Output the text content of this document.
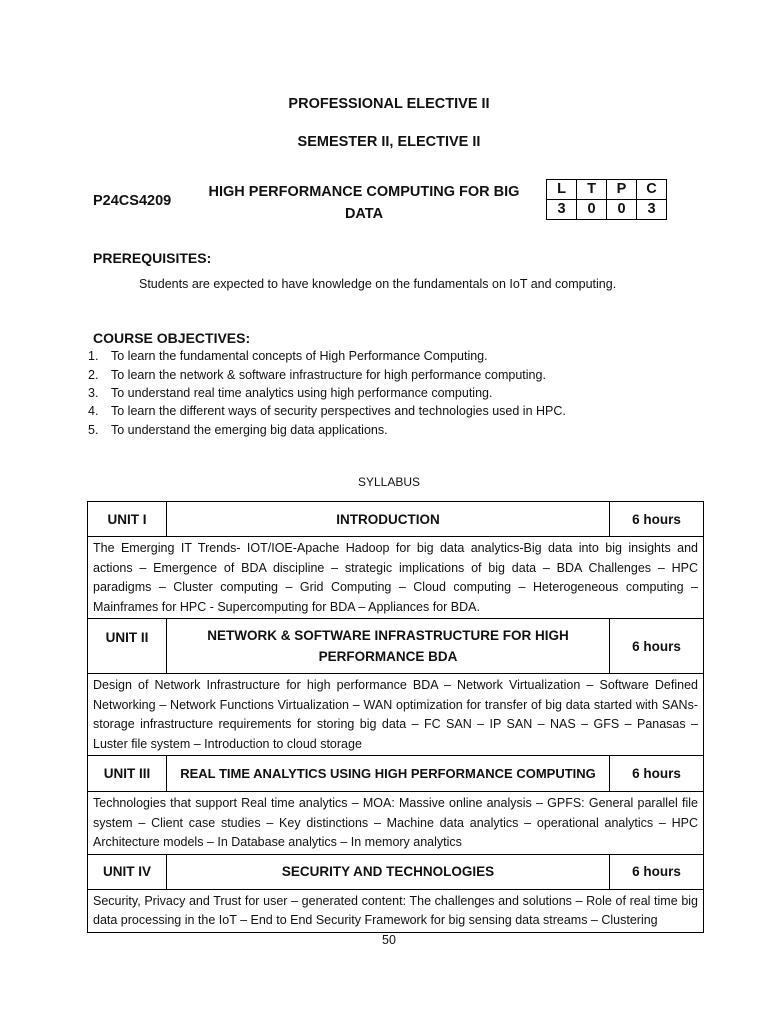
PROFESSIONAL ELECTIVE II
SEMESTER II, ELECTIVE II
P24CS4209
HIGH PERFORMANCE COMPUTING FOR BIG
DATA
L	T	P	C
3	0	0	3
PREREQUISITES:
Students are expected to have knowledge on the fundamentals on IoT and computing.
COURSE OBJECTIVES:
1. To learn the fundamental concepts of High Performance Computing.
2. To learn the network & software infrastructure for high performance computing.
3. To understand real time analytics using high performance computing.
4. To learn the different ways of security perspectives and technologies used in HPC.
5. To understand the emerging big data applications.
SYLLABUS
UNIT I	INTRODUCTION	6 hours
The Emerging IT Trends- IOT/IOE-Apache Hadoop for big data analytics-Big data into big insights and actions – Emergence of BDA discipline – strategic implications of big data – BDA Challenges – HPC paradigms – Cluster computing – Grid Computing – Cloud computing – Heterogeneous computing – Mainframes for HPC - Supercomputing for BDA – Appliances for BDA.		
UNIT II	NETWORK & SOFTWARE INFRASTRUCTURE FOR HIGH PERFORMANCE BDA	6 hours
Design of Network Infrastructure for high performance BDA – Network Virtualization – Software Defined Networking – Network Functions Virtualization – WAN optimization for transfer of big data started with SANs- storage infrastructure requirements for storing big data – FC SAN – IP SAN – NAS – GFS – Panasas – Luster file system – Introduction to cloud storage		
UNIT III	REAL TIME ANALYTICS USING HIGH PERFORMANCE COMPUTING	6 hours
Technologies that support Real time analytics – MOA: Massive online analysis – GPFS: General parallel file system – Client case studies – Key distinctions – Machine data analytics – operational analytics – HPC Architecture models – In Database analytics – In memory analytics		
UNIT IV	SECURITY AND TECHNOLOGIES	6 hours
Security, Privacy and Trust for user – generated content: The challenges and solutions – Role of real time big data processing in the IoT – End to End Security Framework for big sensing data streams – Clustering		
50
